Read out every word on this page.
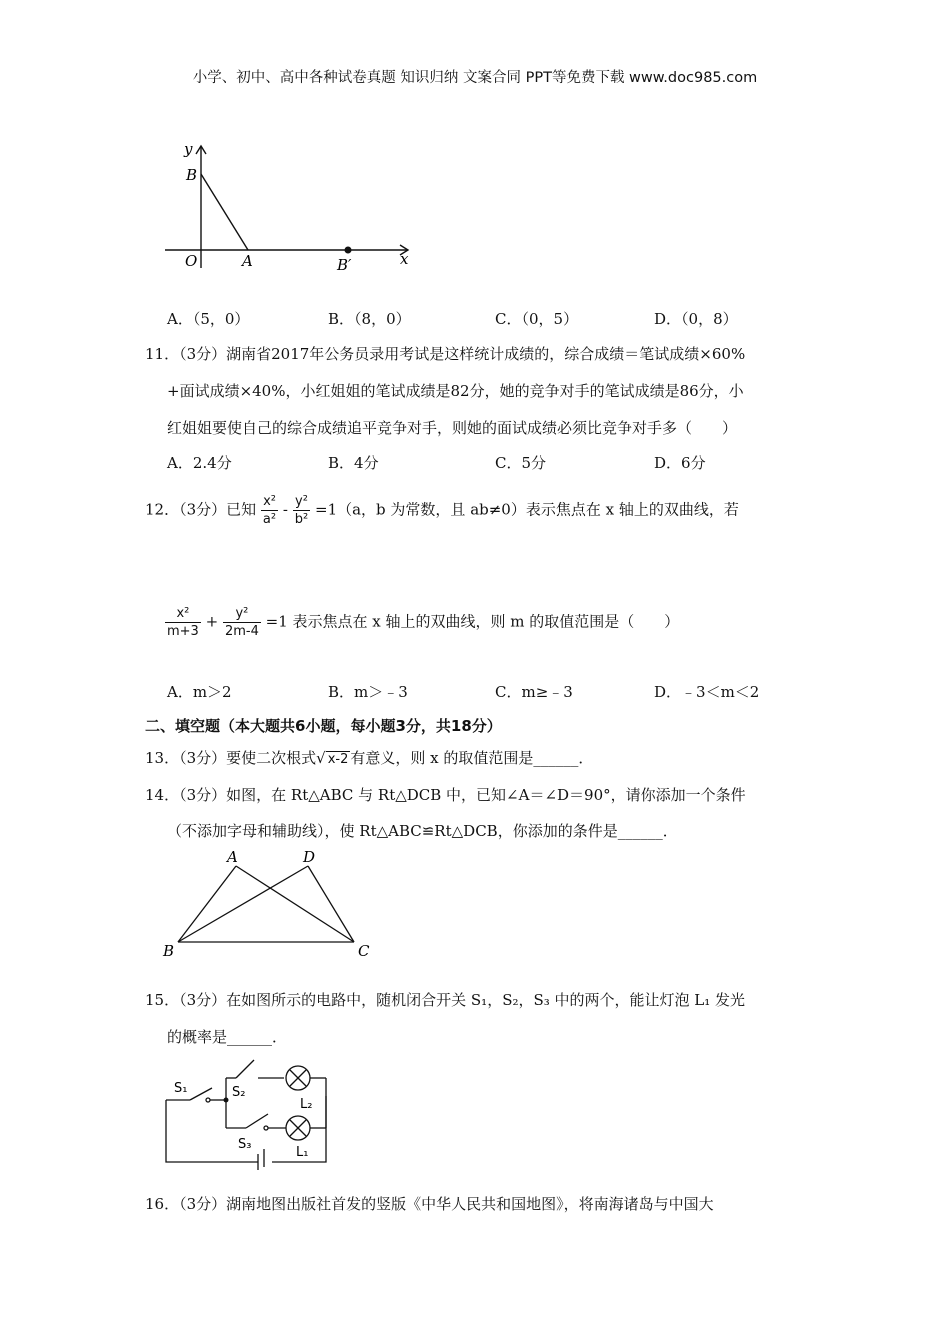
小学、初中、高中各种试卷真题 知识归纳 文案合同 PPT等免费下载 www.doc985.com
y
B
O	A	B′	x
A．（5，0）	B．（8，0）	C．（0，5）	D．（0，8）
11．（3分）湖南省2017年公务员录用考试是这样统计成绩的，综合成绩＝笔试成绩×60%
+面试成绩×40%，小红姐姐的笔试成绩是82分，她的竞争对手的笔试成绩是86分，小
红姐姐要使自己的综合成绩追平竞争对手，则她的面试成绩必须比竞争对手多（　　）
A．2.4分	B．4分	C．5分	D．6分
12．（3分）已知 $\frac{\text{x²}}{\text{a²}} - \frac{\text{y²}}{\text{b²}} =1(a$，b 为常数，且 ab≠0）表示焦点在 x 轴上的双曲线，若
$\frac{\text{x²}}{m+3} + \frac{\text{y²}}{2m-4} =1$ 表示焦点在 x 轴上的双曲线，则 m 的取值范围是（　　）
A．m＞2	B．m＞﹣3	C．m≥﹣3	D．﹣3＜m＜2
二、填空题（本大题共6小题，每小题3分，共18分）
13．（3分）要使二次根式√ x-2 有意义，则 x 的取值范围是______．
14．（3分）如图，在 Rt△ABC 与 Rt△DCB 中，已知∠A＝∠D＝90°，请你添加一个条件
（不添加字母和辅助线），使 Rt△ABC≌Rt△DCB，你添加的条件是______．
A	D
B	C
15．（3分）在如图所示的电路中，随机闭合开关 S₁，S₂，S₃ 中的两个，能让灯泡 L₁ 发光
的概率是______．
S₁	S₂
S₃
L₂
L₁
16．（3分）湖南地图出版社首发的竖版《中华人民共和国地图》，将南海诸岛与中国大
